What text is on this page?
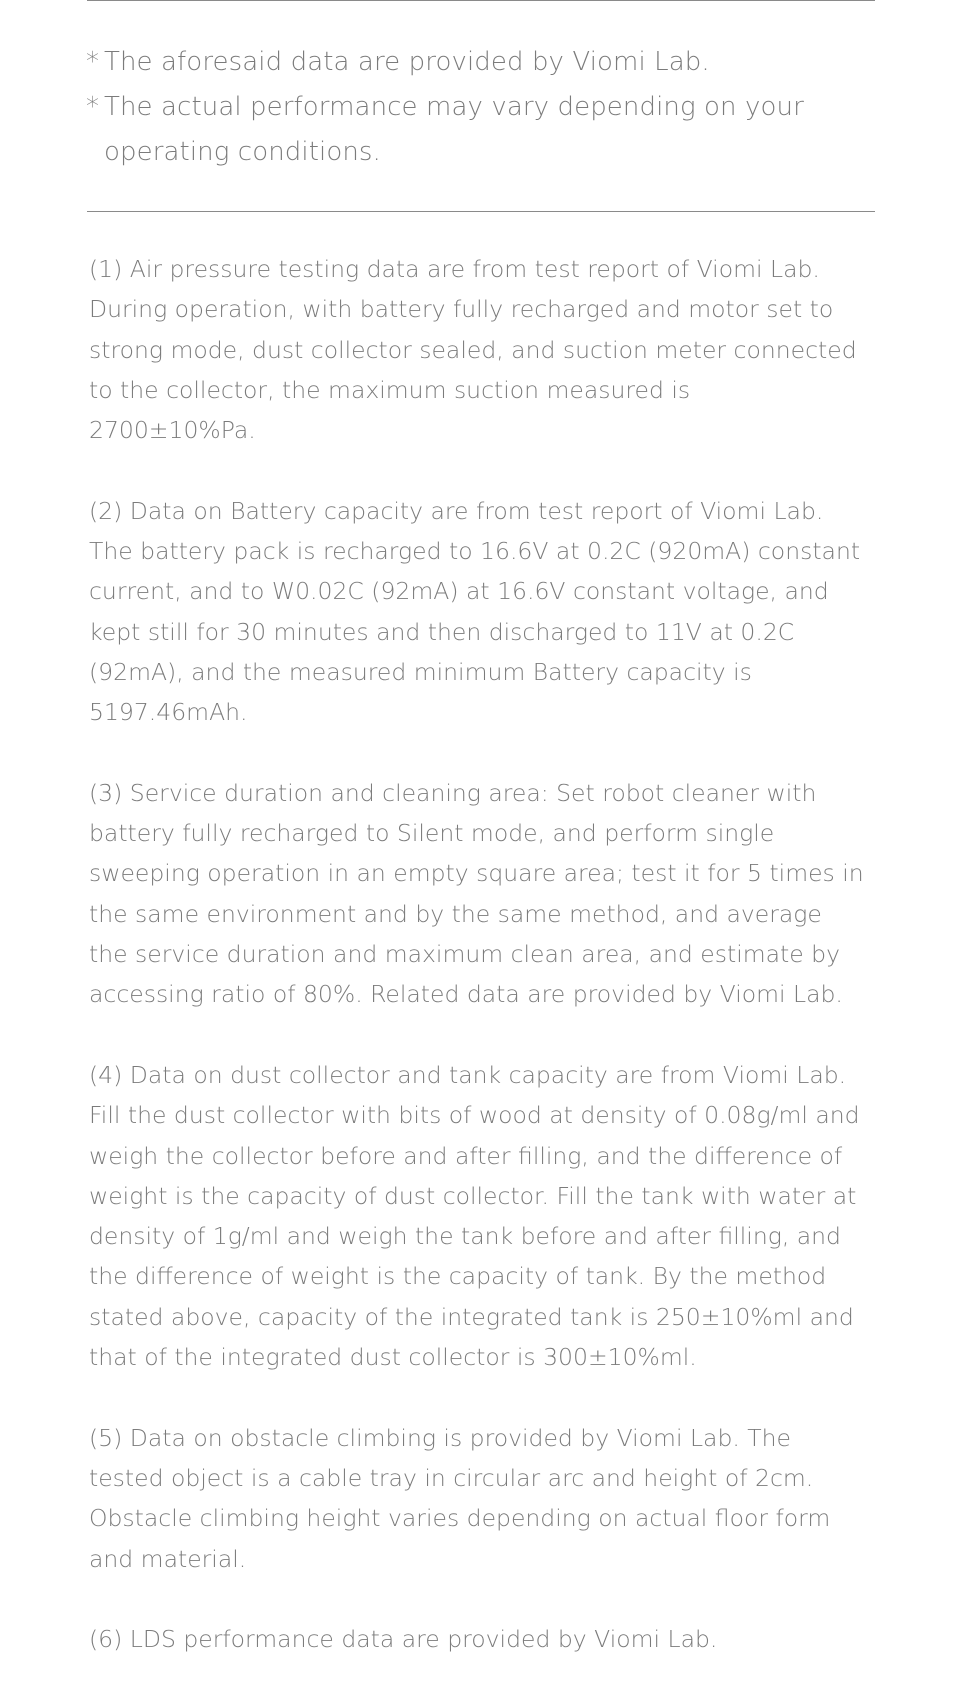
* The aforesaid data are provided by Viomi Lab.
* The actual performance may vary depending on your operating conditions.
(1) Air pressure testing data are from test report of Viomi Lab.
During operation, with battery fully recharged and motor set to
strong mode, dust collector sealed, and suction meter connected
to the collector, the maximum suction measured is
2700±10%Pa.
(2) Data on Battery capacity are from test report of Viomi Lab.
The battery pack is recharged to 16.6V at 0.2C (920mA) constant
current, and to W0.02C (92mA) at 16.6V constant voltage, and
kept still for 30 minutes and then discharged to 11V at 0.2C
(92mA), and the measured minimum Battery capacity is
5197.46mAh.
(3) Service duration and cleaning area: Set robot cleaner with
battery fully recharged to Silent mode, and perform single
sweeping operation in an empty square area; test it for 5 times in
the same environment and by the same method, and average
the service duration and maximum clean area, and estimate by
accessing ratio of 80%. Related data are provided by Viomi Lab.
(4) Data on dust collector and tank capacity are from Viomi Lab.
Fill the dust collector with bits of wood at density of 0.08g/ml and
weigh the collector before and after filling, and the difference of
weight is the capacity of dust collector. Fill the tank with water at
density of 1g/ml and weigh the tank before and after filling, and
the difference of weight is the capacity of tank. By the method
stated above, capacity of the integrated tank is 250±10%ml and
that of the integrated dust collector is 300±10%ml.
(5) Data on obstacle climbing is provided by Viomi Lab. The
tested object is a cable tray in circular arc and height of 2cm.
Obstacle climbing height varies depending on actual floor form
and material.
(6) LDS performance data are provided by Viomi Lab.
